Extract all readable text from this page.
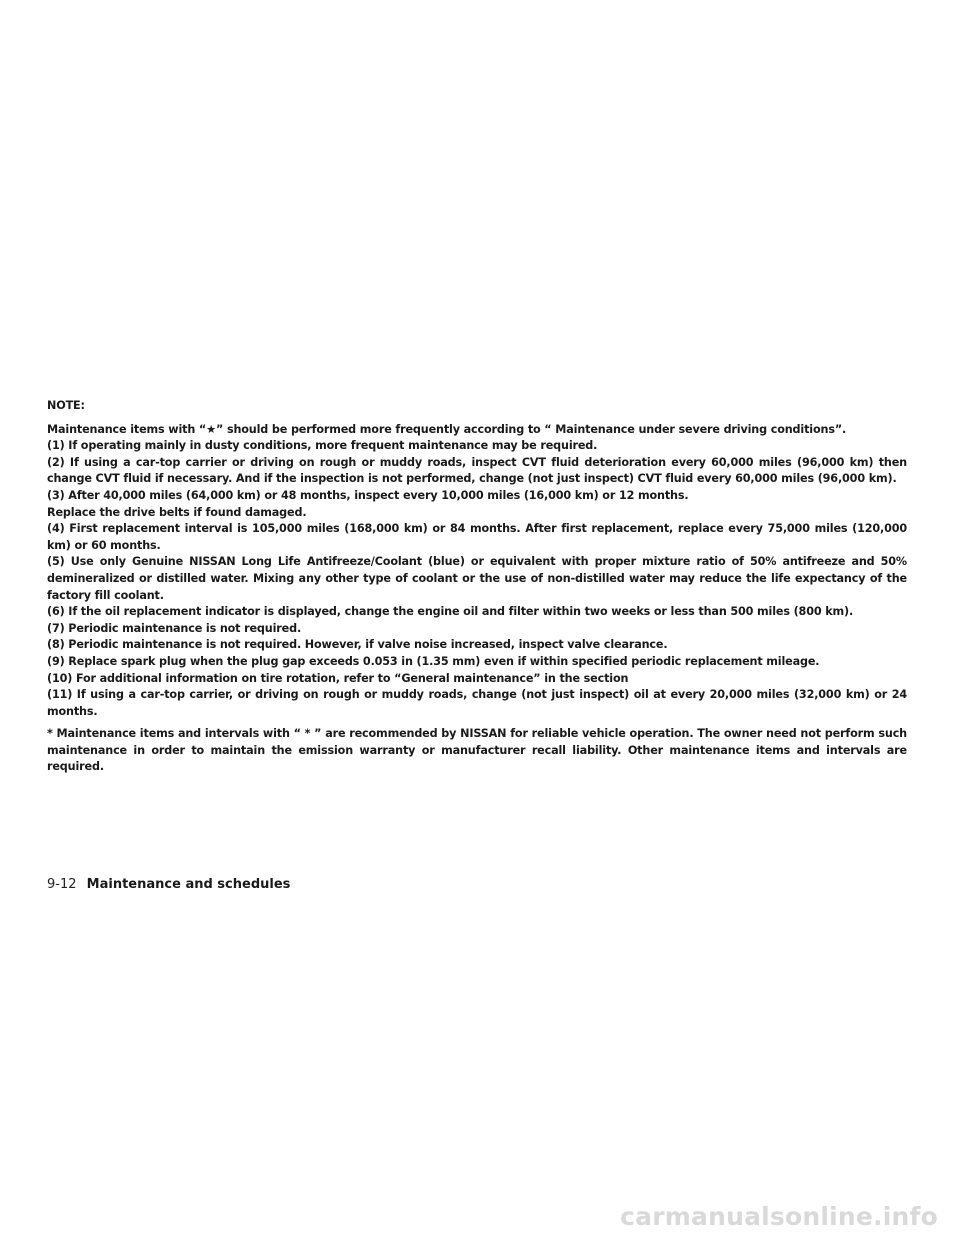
NOTE:

Maintenance items with “★” should be performed more frequently according to “ Maintenance under severe driving conditions”.

(1) If operating mainly in dusty conditions, more frequent maintenance may be required.

(2) If using a car-top carrier or driving on rough or muddy roads, inspect CVT fluid deterioration every 60,000 miles (96,000 km) then change CVT fluid if necessary. And if the inspection is not performed, change (not just inspect) CVT fluid every 60,000 miles (96,000 km).

(3) After 40,000 miles (64,000 km) or 48 months, inspect every 10,000 miles (16,000 km) or 12 months.

Replace the drive belts if found damaged.

(4) First replacement interval is 105,000 miles (168,000 km) or 84 months. After first replacement, replace every 75,000 miles (120,000 km) or 60 months.

(5) Use only Genuine NISSAN Long Life Antifreeze/Coolant (blue) or equivalent with proper mixture ratio of 50% antifreeze and 50% demineralized or distilled water. Mixing any other type of coolant or the use of non-distilled water may reduce the life expectancy of the factory fill coolant.

(6) If the oil replacement indicator is displayed, change the engine oil and filter within two weeks or less than 500 miles (800 km).

(7) Periodic maintenance is not required.

(8) Periodic maintenance is not required. However, if valve noise increased, inspect valve clearance.

(9) Replace spark plug when the plug gap exceeds 0.053 in (1.35 mm) even if within specified periodic replacement mileage.

(10) For additional information on tire rotation, refer to “General maintenance” in the section

(11) If using a car-top carrier, or driving on rough or muddy roads, change (not just inspect) oil at every 20,000 miles (32,000 km) or 24 months.

* Maintenance items and intervals with “ * ” are recommended by NISSAN for reliable vehicle operation. The owner need not perform such maintenance in order to maintain the emission warranty or manufacturer recall liability. Other maintenance items and intervals are required.

9-12 Maintenance and schedules
carmanualsonline.info
